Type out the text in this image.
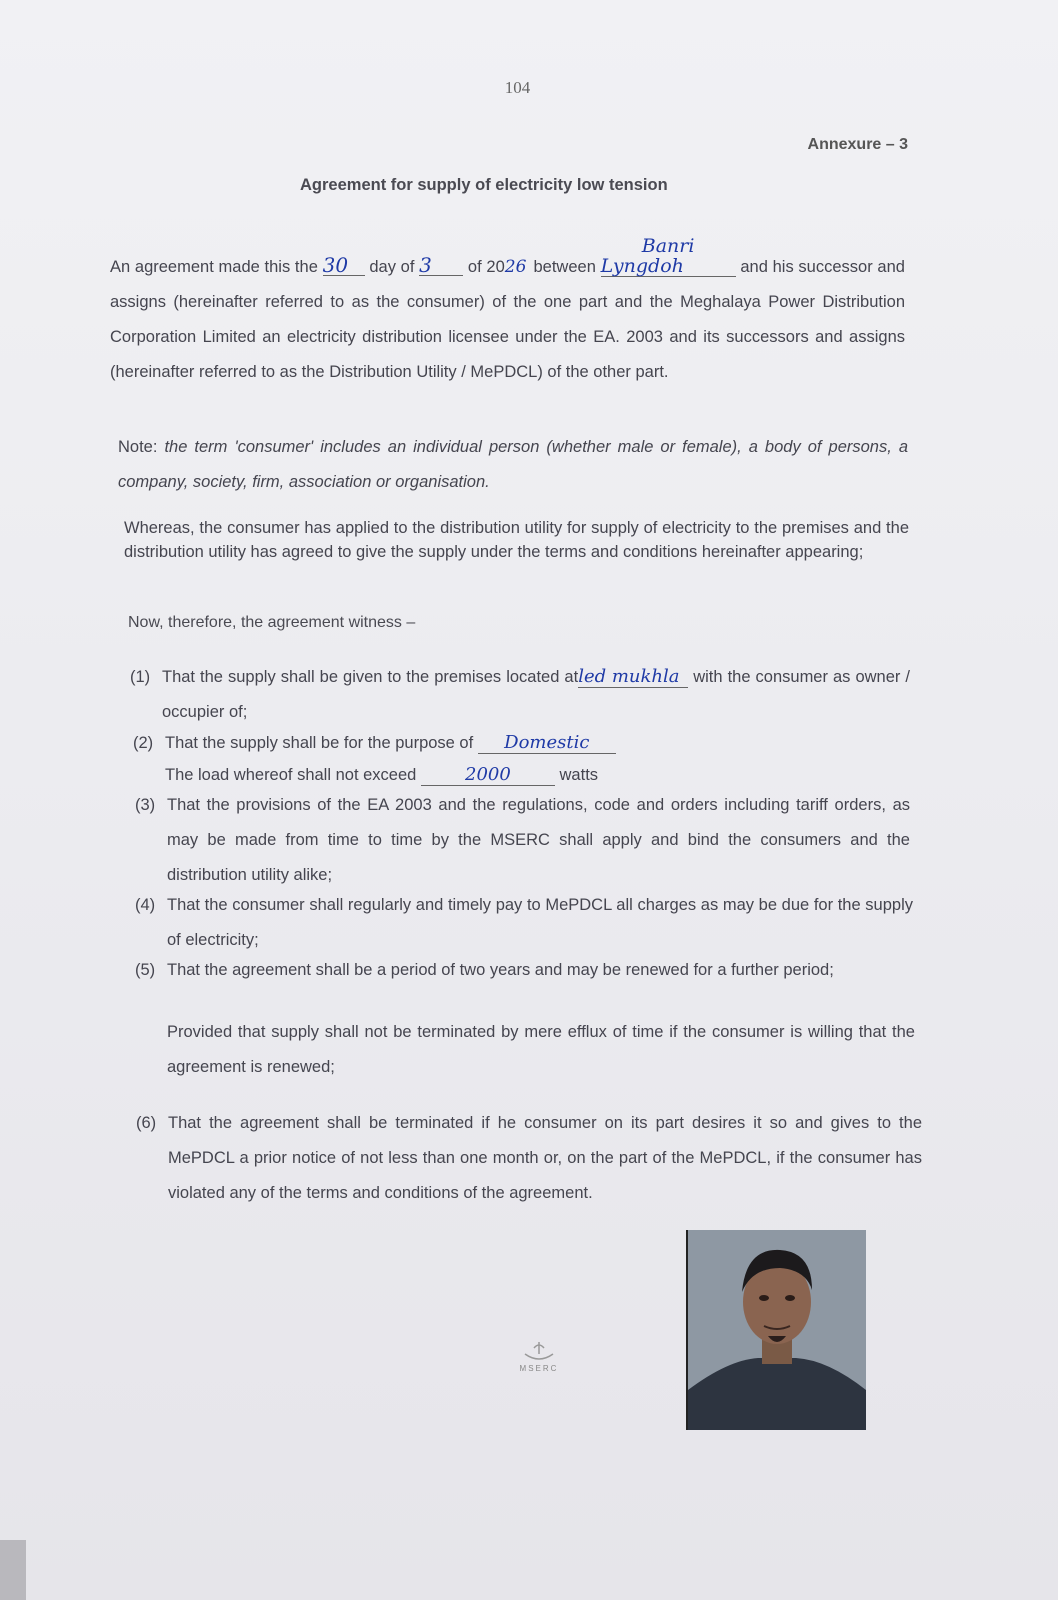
104
Annexure – 3
Agreement for supply of electricity low tension
An agreement made this the 30 day of 3 of 2026 between Banri Lyngdoh	and his successor and assigns (hereinafter referred to as the consumer) of the one part and the Meghalaya Power Distribution Corporation Limited an electricity distribution licensee under the EA. 2003 and its successors and assigns (hereinafter referred to as the Distribution Utility / MePDCL) of the other part.
Note: the term 'consumer' includes an individual person (whether male or female), a body of persons, a company, society, firm, association or organisation.
Whereas, the consumer has applied to the distribution utility for supply of electricity to the premises and the distribution utility has agreed to give the supply under the terms and conditions hereinafter appearing;
Now, therefore, the agreement witness –
(1) That the supply shall be given to the premises located atled mukhla with the consumer as owner / occupier of;
(2) That the supply shall be for the purpose of Domestic
The load whereof shall not exceed	2000	watts
(3) That the provisions of the EA 2003 and the regulations, code and orders including tariff orders, as may be made from time to time by the MSERC shall apply and bind the consumers and the distribution utility alike;
(4) That the consumer shall regularly and timely pay to MePDCL all charges as may be due for the supply of electricity;
(5) That the agreement shall be a period of two years and may be renewed for a further period;
Provided that supply shall not be terminated by mere efflux of time if the consumer is willing that the agreement is renewed;
(6) That the agreement shall be terminated if he consumer on its part desires it so and gives to the MePDCL a prior notice of not less than one month or, on the part of the MePDCL, if the consumer has violated any of the terms and conditions of the agreement.
MSERC
